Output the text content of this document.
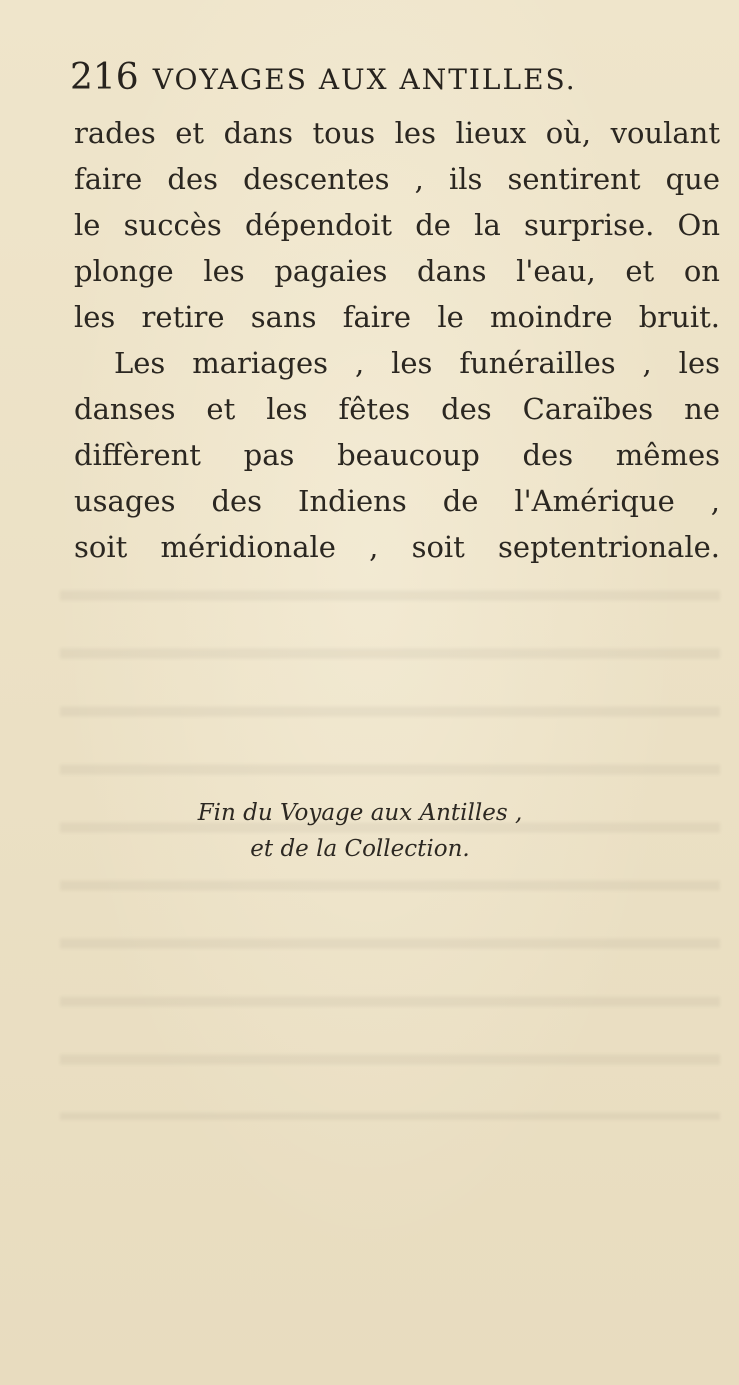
216 VOYAGES AUX ANTILLES.
rades et dans tous les lieux où, voulant
faire des descentes , ils sentirent que
le succès dépendoit de la surprise. On
plonge les pagaies dans l'eau, et on
les retire sans faire le moindre bruit.
Les mariages , les funérailles , les
danses et les fêtes des Caraïbes ne
diffèrent pas beaucoup des mêmes
usages des Indiens de l'Amérique ,
soit méridionale , soit septentrionale.
Fin du Voyage aux Antilles ,
et de la Collection.
